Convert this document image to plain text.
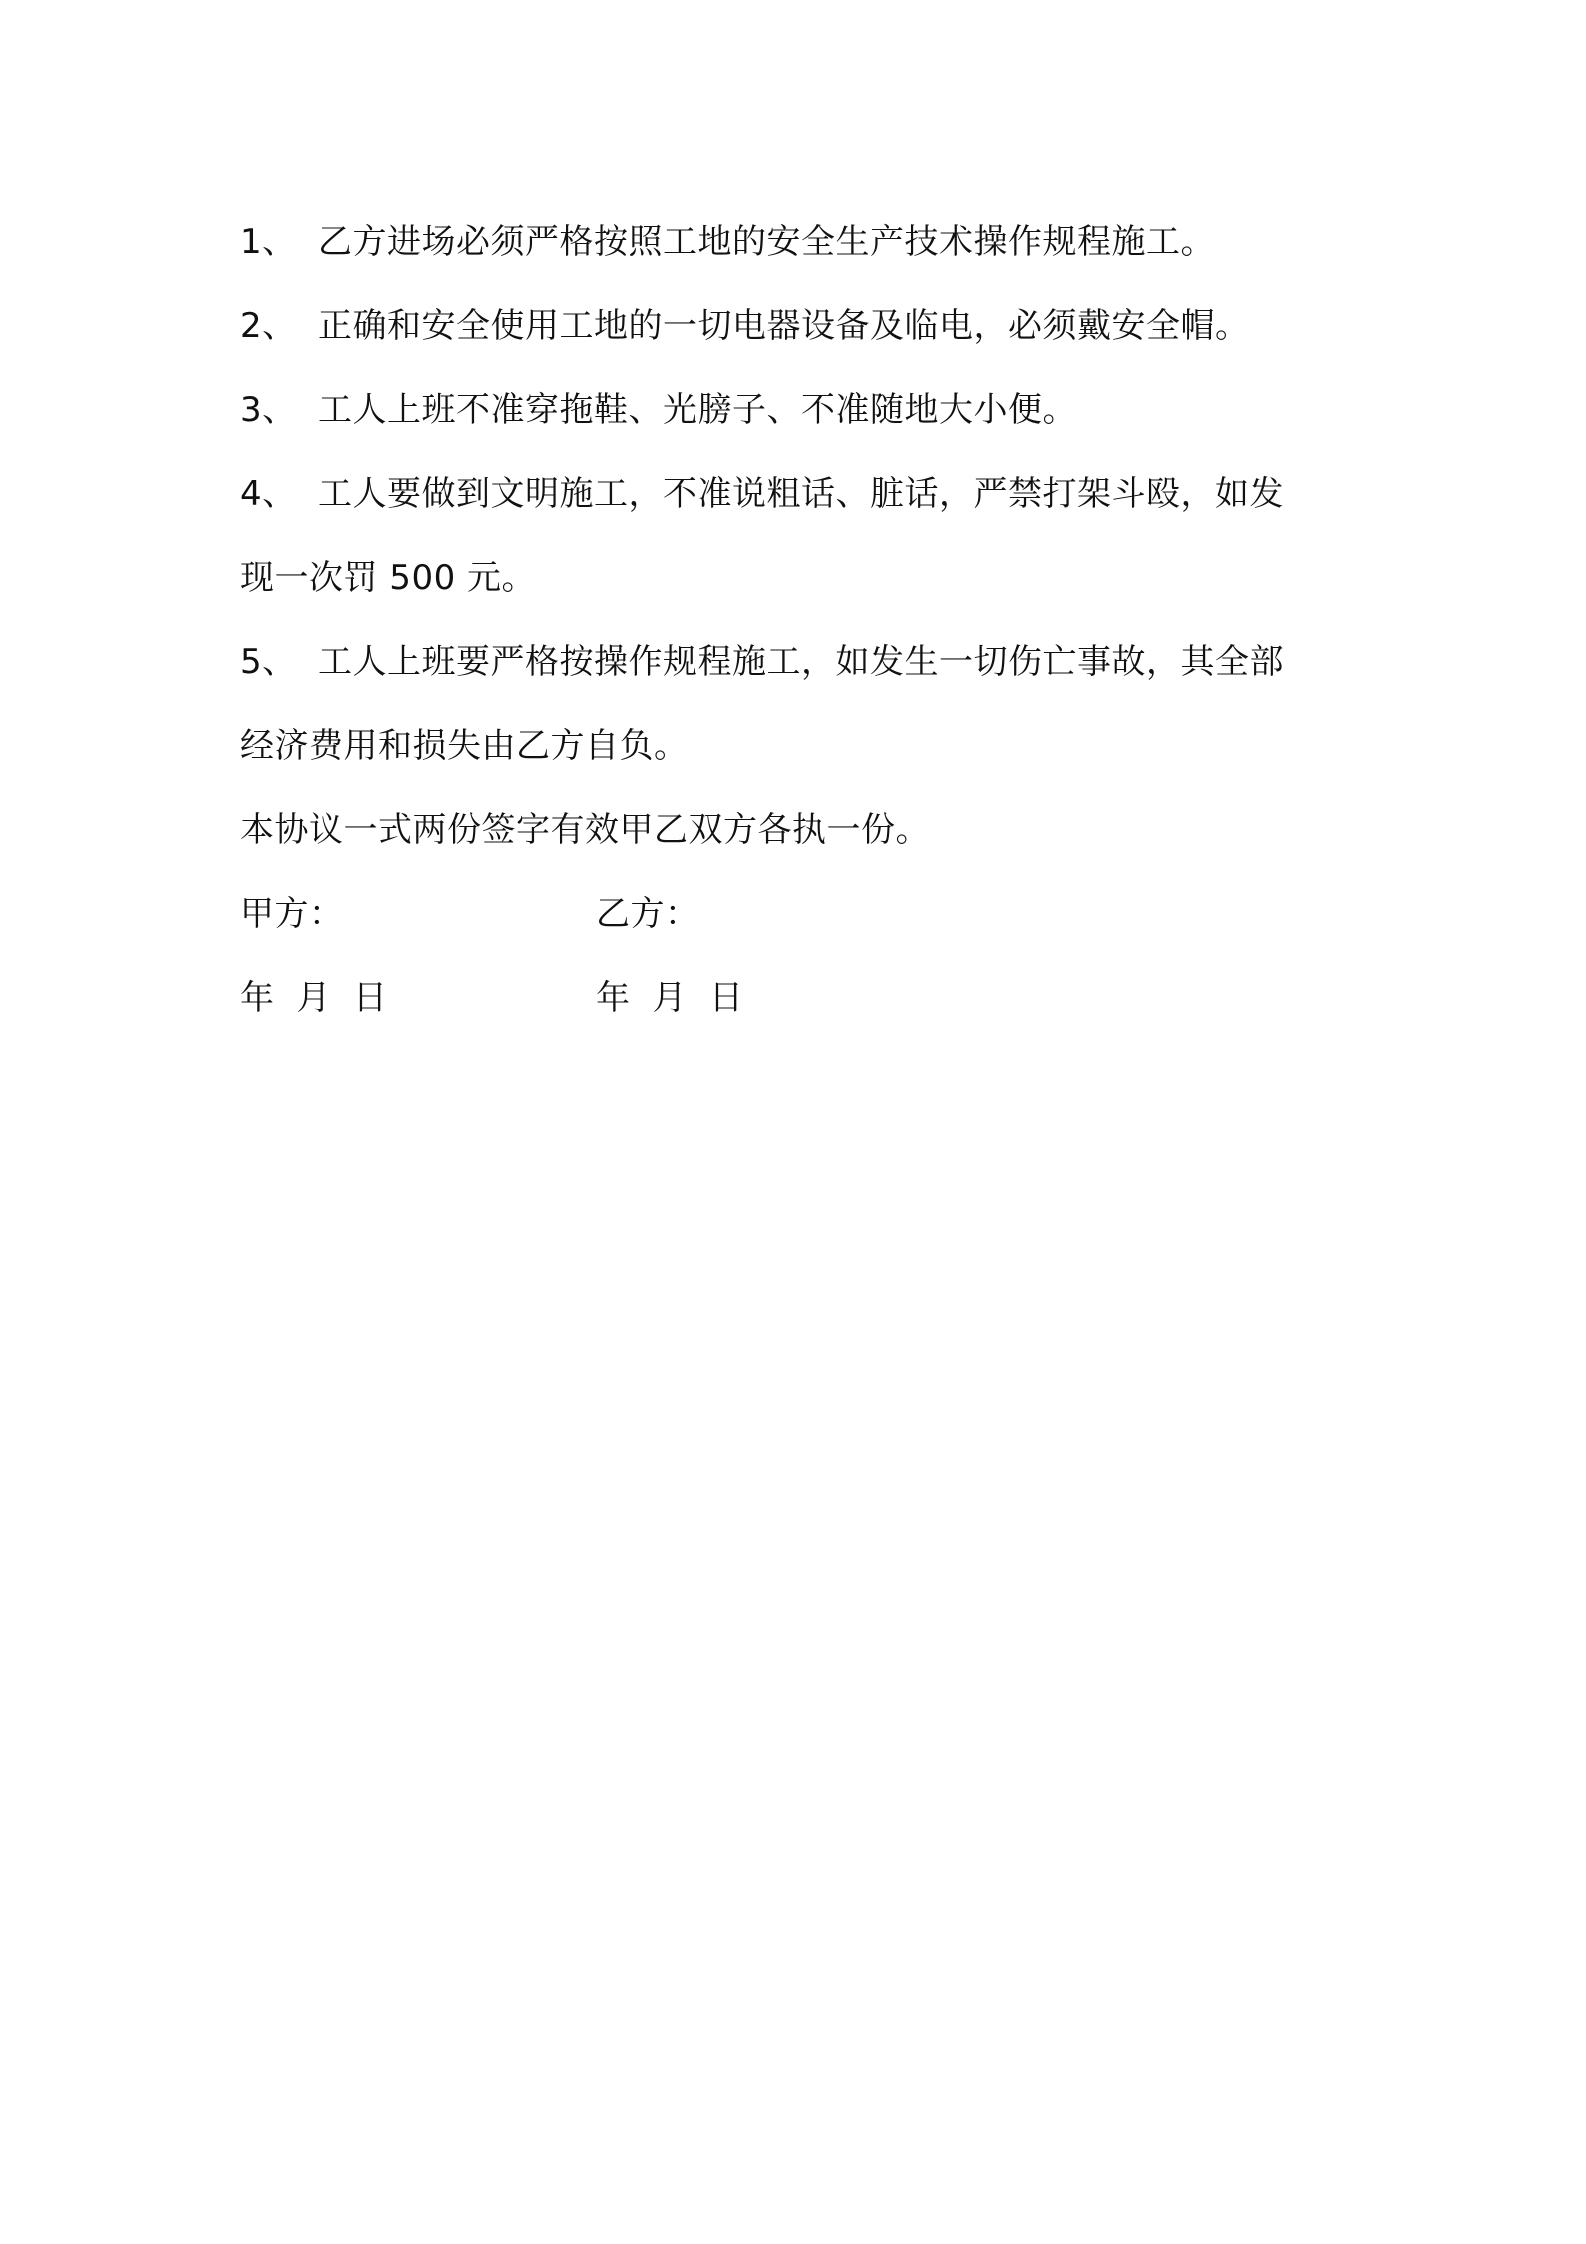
1、 乙方进场必须严格按照工地的安全生产技术操作规程施工。
2、 正确和安全使用工地的一切电器设备及临电，必须戴安全帽。
3、 工人上班不准穿拖鞋、光膀子、不准随地大小便。
4、 工人要做到文明施工，不准说粗话、脏话，严禁打架斗殴，如发
现一次罚 500 元。
5、 工人上班要严格按操作规程施工，如发生一切伤亡事故，其全部
经济费用和损失由乙方自负。
本协议一式两份签字有效甲乙双方各执一份。
甲方：	乙方：
年 月 日	年 月 日
